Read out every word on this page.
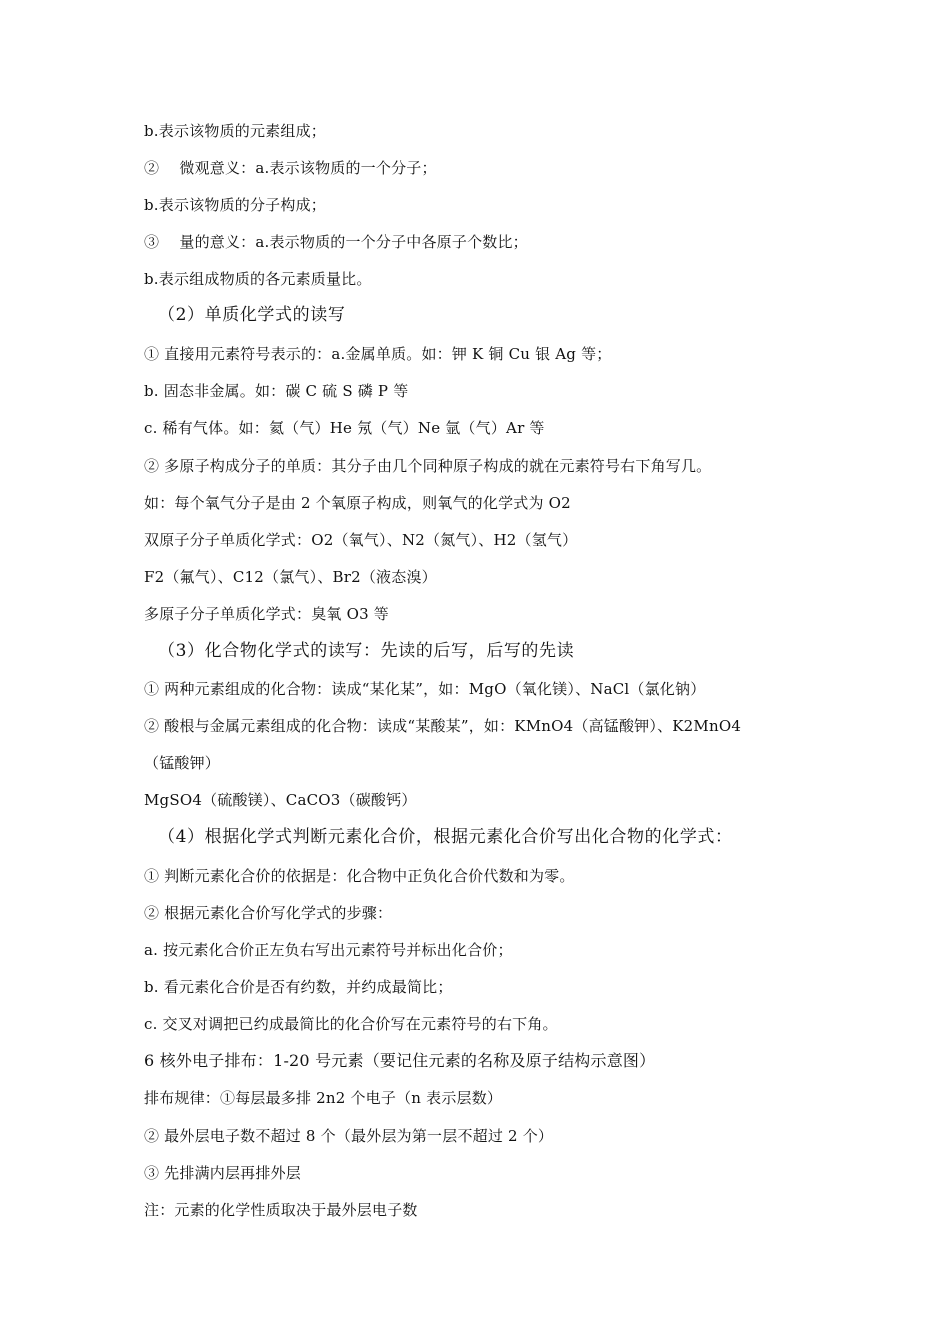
b.表示该物质的元素组成；
②　 微观意义：a.表示该物质的一个分子；
b.表示该物质的分子构成；
③　 量的意义：a.表示物质的一个分子中各原子个数比；
b.表示组成物质的各元素质量比。
（2）单质化学式的读写
① 直接用元素符号表示的：a.金属单质。如：钾 K 铜 Cu 银 Ag 等；
b. 固态非金属。如：碳 C 硫 S 磷 P 等
c. 稀有气体。如：氦（气）He 氖（气）Ne 氩（气）Ar 等
② 多原子构成分子的单质：其分子由几个同种原子构成的就在元素符号右下角写几。
如：每个氧气分子是由 2 个氧原子构成，则氧气的化学式为 O2
双原子分子单质化学式：O2（氧气）、N2（氮气）、H2（氢气）
F2（氟气）、C12（氯气）、Br2（液态溴）
多原子分子单质化学式：臭氧 O3 等
（3）化合物化学式的读写：先读的后写，后写的先读
① 两种元素组成的化合物：读成“某化某”，如：MgO（氧化镁）、NaCl（氯化钠）
② 酸根与金属元素组成的化合物：读成“某酸某”，如：KMnO4（高锰酸钾）、K2MnO4
（锰酸钾）
MgSO4（硫酸镁）、CaCO3（碳酸钙）
（4）根据化学式判断元素化合价，根据元素化合价写出化合物的化学式：
① 判断元素化合价的依据是：化合物中正负化合价代数和为零。
② 根据元素化合价写化学式的步骤：
a. 按元素化合价正左负右写出元素符号并标出化合价；
b. 看元素化合价是否有约数，并约成最简比；
c. 交叉对调把已约成最简比的化合价写在元素符号的右下角。
6 核外电子排布：1-20 号元素（要记住元素的名称及原子结构示意图）
排布规律：①每层最多排 2n2 个电子（n 表示层数）
② 最外层电子数不超过 8 个（最外层为第一层不超过 2 个）
③ 先排满内层再排外层
注：元素的化学性质取决于最外层电子数
